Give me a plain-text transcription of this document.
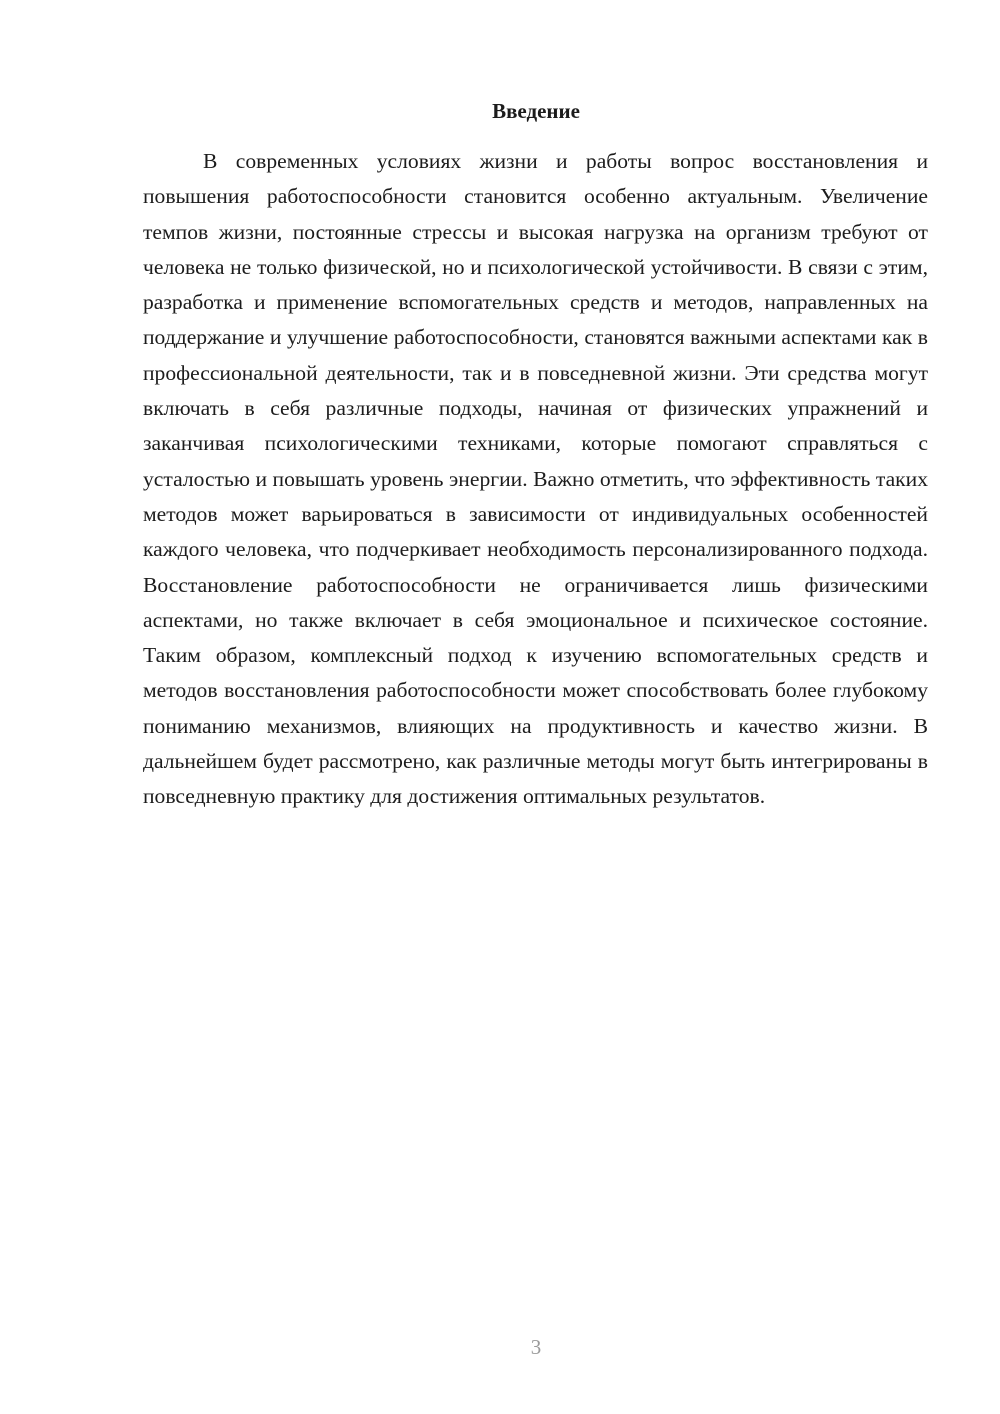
Введение

В современных условиях жизни и работы вопрос восстановления и повышения работоспособности становится особенно актуальным. Увеличение темпов жизни, постоянные стрессы и высокая нагрузка на организм требуют от человека не только физической, но и психологической устойчивости. В связи с этим, разработка и применение вспомогательных средств и методов, направленных на поддержание и улучшение работоспособности, становятся важными аспектами как в профессиональной деятельности, так и в повседневной жизни. Эти средства могут включать в себя различные подходы, начиная от физических упражнений и заканчивая психологическими техниками, которые помогают справляться с усталостью и повышать уровень энергии. Важно отметить, что эффективность таких методов может варьироваться в зависимости от индивидуальных особенностей каждого человека, что подчеркивает необходимость персонализированного подхода. Восстановление работоспособности не ограничивается лишь физическими аспектами, но также включает в себя эмоциональное и психическое состояние. Таким образом, комплексный подход к изучению вспомогательных средств и методов восстановления работоспособности может способствовать более глубокому пониманию механизмов, влияющих на продуктивность и качество жизни. В дальнейшем будет рассмотрено, как различные методы могут быть интегрированы в повседневную практику для достижения оптимальных результатов.

3
